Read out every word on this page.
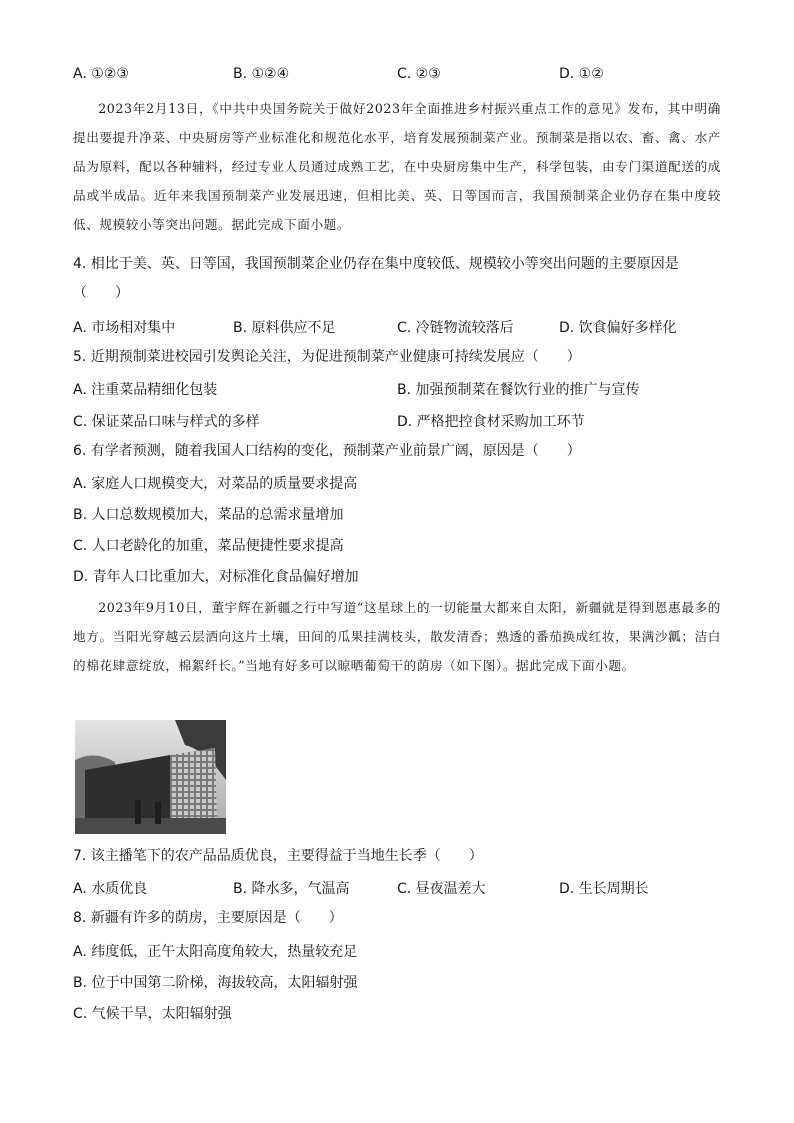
A. ①②③	B. ①②④	C. ②③	D. ①②
2023年2月13日，《中共中央国务院关于做好2023年全面推进乡村振兴重点工作的意见》发布，其中明确提出要提升净菜、中央厨房等产业标准化和规范化水平，培育发展预制菜产业。预制菜是指以农、畜、禽、水产品为原料，配以各种辅料，经过专业人员通过成熟工艺，在中央厨房集中生产，科学包装，由专门渠道配送的成品或半成品。近年来我国预制菜产业发展迅速，但相比美、英、日等国而言，我国预制菜企业仍存在集中度较低、规模较小等突出问题。据此完成下面小题。
4. 相比于美、英、日等国，我国预制菜企业仍存在集中度较低、规模较小等突出问题的主要原因是（　　）
A. 市场相对集中	B. 原料供应不足	C. 冷链物流较落后	D. 饮食偏好多样化
5. 近期预制菜进校园引发舆论关注，为促进预制菜产业健康可持续发展应（　　）
A. 注重菜品精细化包装	B. 加强预制菜在餐饮行业的推广与宣传
C. 保证菜品口味与样式的多样	D. 严格把控食材采购加工环节
6. 有学者预测，随着我国人口结构的变化，预制菜产业前景广阔，原因是（　　）
A. 家庭人口规模变大，对菜品的质量要求提高
B. 人口总数规模加大，菜品的总需求量增加
C. 人口老龄化的加重，菜品便捷性要求提高
D. 青年人口比重加大，对标准化食品偏好增加
2023年9月10日，董宇辉在新疆之行中写道“这星球上的一切能量大都来自太阳，新疆就是得到恩惠最多的地方。当阳光穿越云层洒向这片土壤，田间的瓜果挂满枝头，散发清香；熟透的番茄换成红妆，果满沙瓤；洁白的棉花肆意绽放，棉絮纤长。”当地有好多可以晾晒葡萄干的荫房（如下图）。据此完成下面小题。
7. 该主播笔下的农产品品质优良，主要得益于当地生长季（　　）
A. 水质优良	B. 降水多，气温高	C. 昼夜温差大	D. 生长周期长
8. 新疆有许多的荫房，主要原因是（　　）
A. 纬度低，正午太阳高度角较大，热量较充足
B. 位于中国第二阶梯，海拔较高，太阳辐射强
C. 气候干旱，太阳辐射强
